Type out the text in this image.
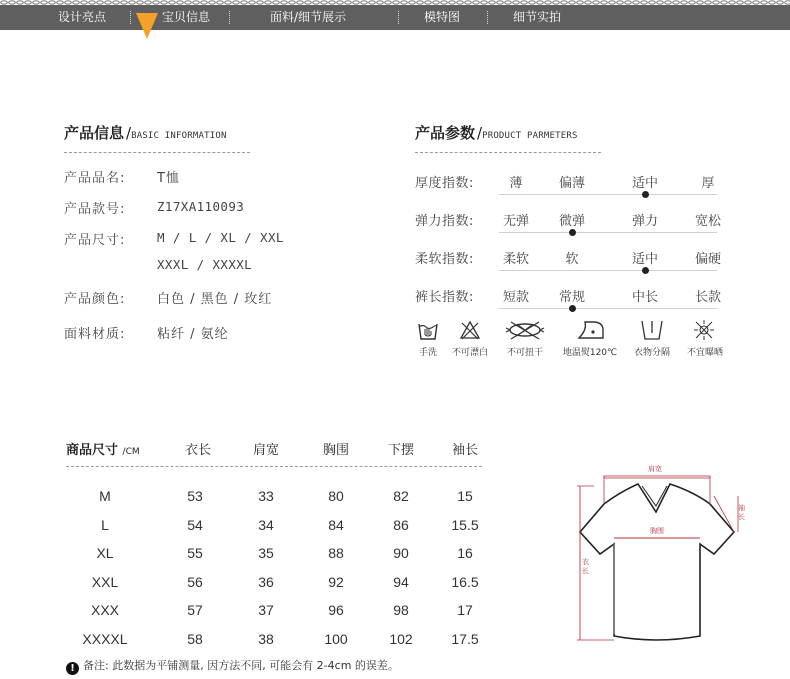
设计亮点	宝贝信息	面料/细节展示	模特图	细节实拍
产品信息 /BASIC INFORMATION
产品品名: T恤
产品款号:	Z17XA110093
产品尺寸:	M / L / XL / XXL
XXXL / XXXXL
产品颜色: 白色 / 黑色 / 玫红
面料材质: 粘纤 / 氨纶
产品参数 /PRODUCT PARMETERS
厚度指数:	薄	偏薄	适中	厚
弹力指数:	无弹	微弹	弹力	宽松
柔软指数:	柔软	软	适中	偏硬
裤长指数:	短款	常规	中长	长款
手洗	不可漂白	不可扭干	地温熨120℃	衣物分隔	不宜曝晒
商品尺寸 /CM	衣长	肩宽	胸围	下摆	袖长
M	53	33	80	82	15
L	54	34	84	86	15.5
XL	55	35	88	90	16
XXL	56	36	92	94	16.5
XXX	57	37	96	98	17
XXXXL	58	38	100	102	17.5
! 备注: 此数据为平铺测量, 因方法不同, 可能会有 2-4cm 的误差。
肩宽
袖长
胸围
衣长
